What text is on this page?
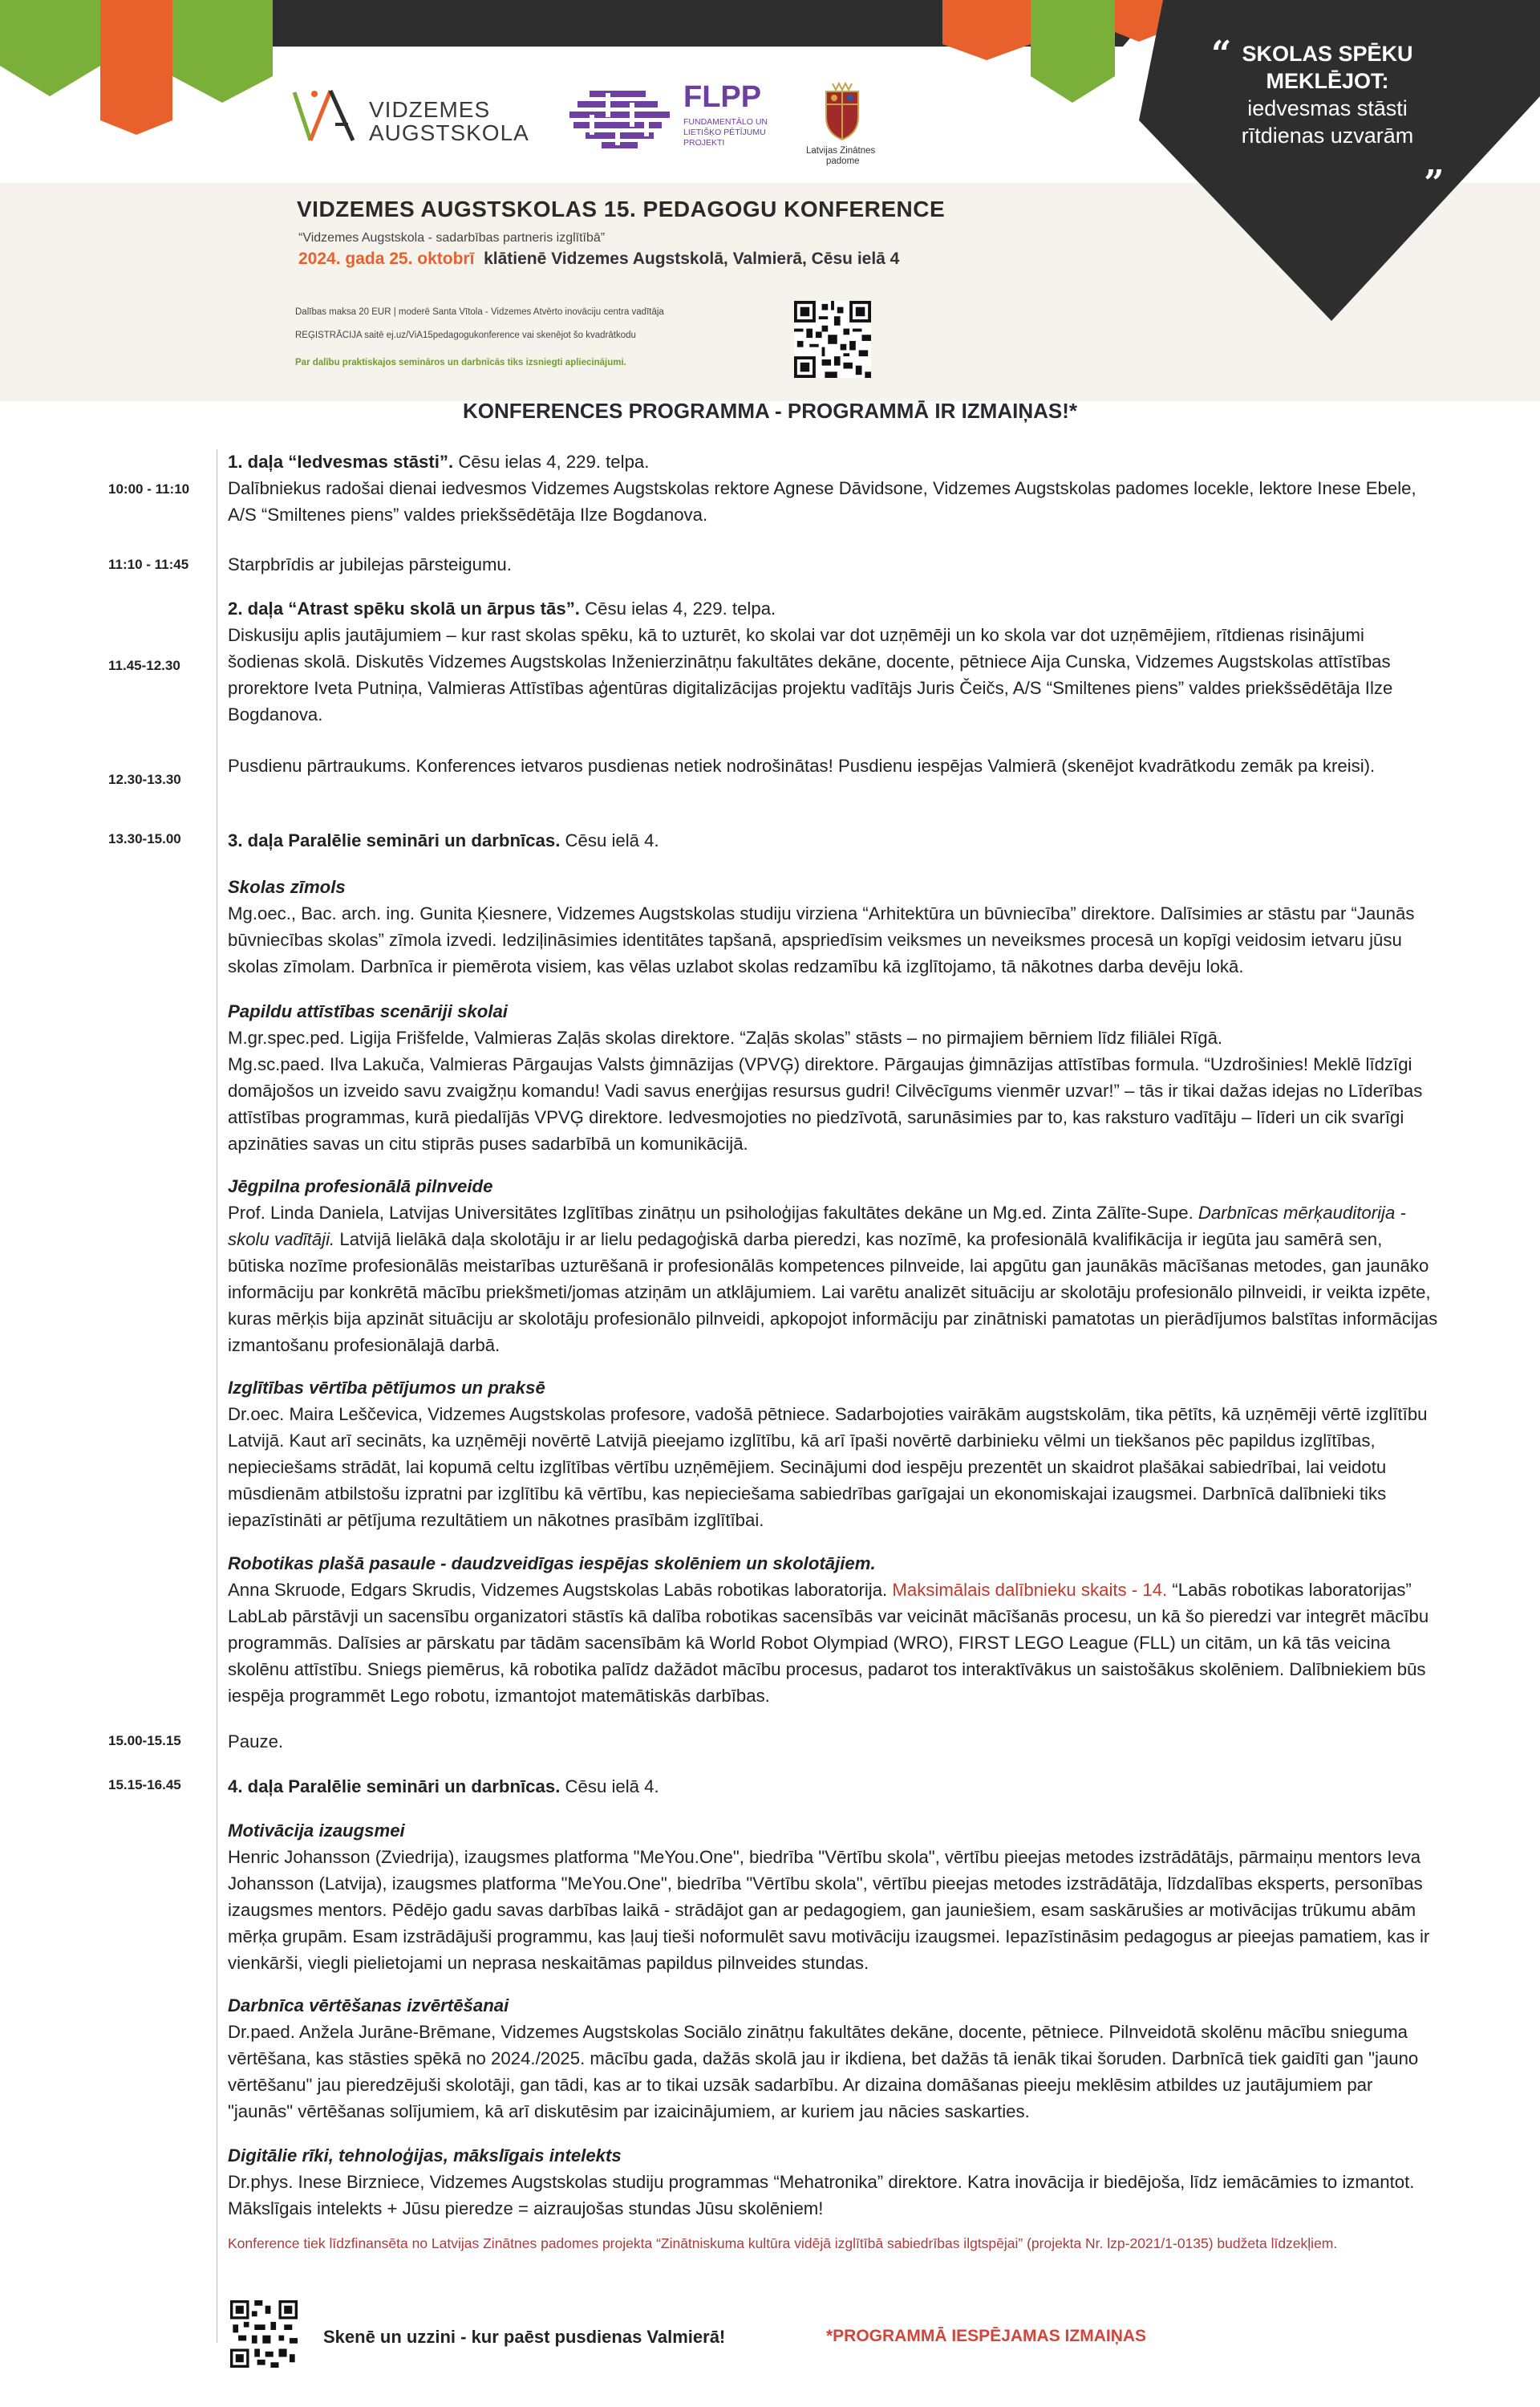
VIDZEMES
AUGSTSKOLA
FLPP
FUNDAMENTĀLO UN
LIETIŠĶO PĒTĪJUMU
PROJEKTI
Latvijas Zinātnes
padome
“ SKOLAS SPĒKU
MEKLĒJOT:
iedvesmas stāsti
rītdienas uzvarām
„
VIDZEMES AUGSTSKOLAS 15. PEDAGOGU KONFERENCE
“Vidzemes Augstskola - sadarbības partneris izglītībā”
2024. gada 25. oktobrī klātienē Vidzemes Augstskolā, Valmierā, Cēsu ielā 4
Dalības maksa 20 EUR | moderē Santa Vītola - Vidzemes Atvērto inovāciju centra vadītāja
REĢISTRĀCIJA saitē ej.uz/ViA15pedagogukonference vai skenējot šo kvadrātkodu
Par dalību praktiskajos semināros un darbnīcās tiks izsniegti apliecinājumi.
KONFERENCES PROGRAMMA - PROGRAMMĀ IR IZMAIŅAS!*
10:00 - 11:10
11:10 - 11:45
11.45-12.30
12.30-13.30
13.30-15.00
15.00-15.15
15.15-16.45

1. daļa “Iedvesmas stāsti”. Cēsu ielas 4, 229. telpa.

Dalībniekus radošai dienai iedvesmos Vidzemes Augstskolas rektore Agnese Dāvidsone, Vidzemes Augstskolas padomes locekle, lektore Inese Ebele, A/S “Smiltenes piens” valdes priekšsēdētāja Ilze Bogdanova.

Starpbrīdis ar jubilejas pārsteigumu.

2. daļa “Atrast spēku skolā un ārpus tās”. Cēsu ielas 4, 229. telpa.

Diskusiju aplis jautājumiem – kur rast skolas spēku, kā to uzturēt, ko skolai var dot uzņēmēji un ko skola var dot uzņēmējiem, rītdienas risinājumi šodienas skolā. Diskutēs Vidzemes Augstskolas Inženierzinātņu fakultātes dekāne, docente, pētniece Aija Cunska, Vidzemes Augstskolas attīstības prorektore Iveta Putniņa, Valmieras Attīstības aģentūras digitalizācijas projektu vadītājs Juris Čeičs, A/S “Smiltenes piens” valdes priekšsēdētāja Ilze Bogdanova.

Pusdienu pārtraukums. Konferences ietvaros pusdienas netiek nodrošinātas! Pusdienu iespējas Valmierā (skenējot kvadrātkodu zemāk pa kreisi).

3. daļa Paralēlie semināri un darbnīcas. Cēsu ielā 4.

Skolas zīmols

Mg.oec., Bac. arch. ing. Gunita Ķiesnere, Vidzemes Augstskolas studiju virziena “Arhitektūra un būvniecība” direktore. Dalīsimies ar stāstu par “Jaunās būvniecības skolas” zīmola izvedi. Iedziļināsimies identitātes tapšanā, apspriedīsim veiksmes un neveiksmes procesā un kopīgi veidosim ietvaru jūsu skolas zīmolam. Darbnīca ir piemērota visiem, kas vēlas uzlabot skolas redzamību kā izglītojamo, tā nākotnes darba devēju lokā.

Papildu attīstības scenāriji skolai

M.gr.spec.ped. Ligija Frišfelde, Valmieras Zaļās skolas direktore. “Zaļās skolas” stāsts – no pirmajiem bērniem līdz filiālei Rīgā.

Mg.sc.paed. Ilva Lakuča, Valmieras Pārgaujas Valsts ģimnāzijas (VPVĢ) direktore. Pārgaujas ģimnāzijas attīstības formula. “Uzdrošinies! Meklē līdzīgi domājošos un izveido savu zvaigžņu komandu! Vadi savus enerģijas resursus gudri! Cilvēcīgums vienmēr uzvar!” – tās ir tikai dažas idejas no Līderības attīstības programmas, kurā piedalījās VPVĢ direktore. Iedvesmojoties no piedzīvotā, sarunāsimies par to, kas raksturo vadītāju – līderi un cik svarīgi apzināties savas un citu stiprās puses sadarbībā un komunikācijā.

Jēgpilna profesionālā pilnveide

Prof. Linda Daniela, Latvijas Universitātes Izglītības zinātņu un psiholoģijas fakultātes dekāne un Mg.ed. Zinta Zālīte-Supe. Darbnīcas mērķauditorija - skolu vadītāji. Latvijā lielākā daļa skolotāju ir ar lielu pedagoģiskā darba pieredzi, kas nozīmē, ka profesionālā kvalifikācija ir iegūta jau samērā sen, būtiska nozīme profesionālās meistarības uzturēšanā ir profesionālās kompetences pilnveide, lai apgūtu gan jaunākās mācīšanas metodes, gan jaunāko informāciju par konkrētā mācību priekšmeti/jomas atziņām un atklājumiem. Lai varētu analizēt situāciju ar skolotāju profesionālo pilnveidi, ir veikta izpēte, kuras mērķis bija apzināt situāciju ar skolotāju profesionālo pilnveidi, apkopojot informāciju par zinātniski pamatotas un pierādījumos balstītas informācijas izmantošanu profesionālajā darbā.

Izglītības vērtība pētījumos un praksē

Dr.oec. Maira Leščevica, Vidzemes Augstskolas profesore, vadošā pētniece. Sadarbojoties vairākām augstskolām, tika pētīts, kā uzņēmēji vērtē izglītību Latvijā. Kaut arī secināts, ka uzņēmēji novērtē Latvijā pieejamo izglītību, kā arī īpaši novērtē darbinieku vēlmi un tiekšanos pēc papildus izglītības, nepieciešams strādāt, lai kopumā celtu izglītības vērtību uzņēmējiem. Secinājumi dod iespēju prezentēt un skaidrot plašākai sabiedrībai, lai veidotu mūsdienām atbilstošu izpratni par izglītību kā vērtību, kas nepieciešama sabiedrības garīgajai un ekonomiskajai izaugsmei. Darbnīcā dalībnieki tiks iepazīstināti ar pētījuma rezultātiem un nākotnes prasībām izglītībai.

Robotikas plašā pasaule - daudzveidīgas iespējas skolēniem un skolotājiem.

Anna Skruode, Edgars Skrudis, Vidzemes Augstskolas Labās robotikas laboratorija. Maksimālais dalībnieku skaits - 14. “Labās robotikas laboratorijas” LabLab pārstāvji un sacensību organizatori stāstīs kā dalība robotikas sacensībās var veicināt mācīšanās procesu, un kā šo pieredzi var integrēt mācību programmās. Dalīsies ar pārskatu par tādām sacensībām kā World Robot Olympiad (WRO), FIRST LEGO League (FLL) un citām, un kā tās veicina skolēnu attīstību. Sniegs piemērus, kā robotika palīdz dažādot mācību procesus, padarot tos interaktīvākus un saistošākus skolēniem. Dalībniekiem būs iespēja programmēt Lego robotu, izmantojot matemātiskās darbības.

Pauze.

4. daļa Paralēlie semināri un darbnīcas. Cēsu ielā 4.

Motivācija izaugsmei

Henric Johansson (Zviedrija), izaugsmes platforma "MeYou.One", biedrība "Vērtību skola", vērtību pieejas metodes izstrādātājs, pārmaiņu mentors Ieva Johansson (Latvija), izaugsmes platforma "MeYou.One", biedrība "Vērtību skola", vērtību pieejas metodes izstrādātāja, līdzdalības eksperts, personības izaugsmes mentors. Pēdējo gadu savas darbības laikā - strādājot gan ar pedagogiem, gan jauniešiem, esam saskārušies ar motivācijas trūkumu abām mērķa grupām. Esam izstrādājuši programmu, kas ļauj tieši noformulēt savu motivāciju izaugsmei. Iepazīstināsim pedagogus ar pieejas pamatiem, kas ir vienkārši, viegli pielietojami un neprasa neskaitāmas papildus pilnveides stundas.

Darbnīca vērtēšanas izvērtēšanai

Dr.paed. Anžela Jurāne-Brēmane, Vidzemes Augstskolas Sociālo zinātņu fakultātes dekāne, docente, pētniece. Pilnveidotā skolēnu mācību snieguma vērtēšana, kas stāsties spēkā no 2024./2025. mācību gada, dažās skolā jau ir ikdiena, bet dažās tā ienāk tikai šoruden. Darbnīcā tiek gaidīti gan "jauno vērtēšanu" jau pieredzējuši skolotāji, gan tādi, kas ar to tikai uzsāk sadarbību. Ar dizaina domāšanas pieeju meklēsim atbildes uz jautājumiem par "jaunās" vērtēšanas solījumiem, kā arī diskutēsim par izaicinājumiem, ar kuriem jau nācies saskarties.

Digitālie rīki, tehnoloģijas, mākslīgais intelekts

Dr.phys. Inese Birzniece, Vidzemes Augstskolas studiju programmas “Mehatronika” direktore. Katra inovācija ir biedējoša, līdz iemācāmies to izmantot. Mākslīgais intelekts + Jūsu pieredze = aizraujošas stundas Jūsu skolēniem!

Konference tiek līdzfinansēta no Latvijas Zinātnes padomes projekta “Zinātniskuma kultūra vidējā izglītībā sabiedrības ilgtspējai” (projekta Nr. lzp-2021/1-0135) budžeta līdzekļiem.
Skenē un uzzini - kur paēst pusdienas Valmierā!	*PROGRAMMĀ IESPĒJAMAS IZMAIŅAS
